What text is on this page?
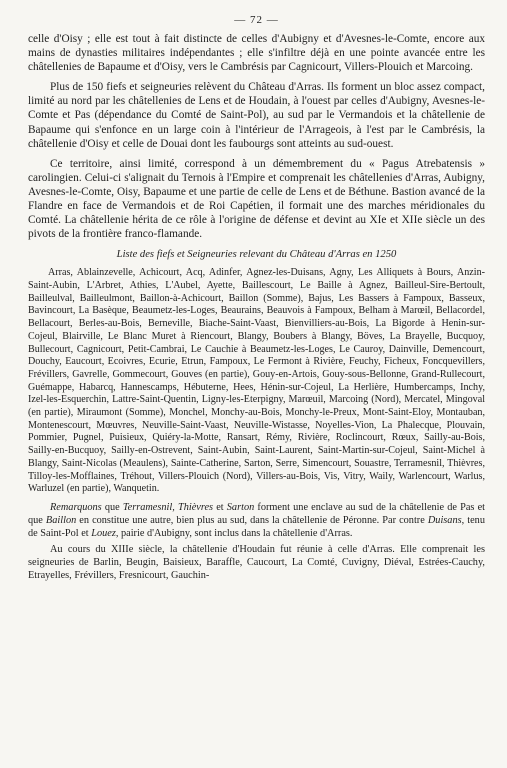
— 72 —

celle d'Oisy ; elle est tout à fait distincte de celles d'Aubigny et d'Avesnes-le-Comte, encore aux mains de dynasties militaires indépendantes ; elle s'infiltre déjà en une pointe avancée entre les châtellenies de Bapaume et d'Oisy, vers le Cambrésis par Cagnicourt, Villers-Plouich et Marcoing.

Plus de 150 fiefs et seigneuries relèvent du Château d'Arras. Ils forment un bloc assez compact, limité au nord par les châtellenies de Lens et de Houdain, à l'ouest par celles d'Aubigny, Avesnes-le-Comte et Pas (dépendance du Comté de Saint-Pol), au sud par le Vermandois et la châtellenie de Bapaume qui s'enfonce en un large coin à l'intérieur de l'Arrageois, à l'est par le Cambrésis, la châtellenie d'Oisy et celle de Douai dont les faubourgs sont atteints au sud-ouest.

Ce territoire, ainsi limité, correspond à un démembrement du « Pagus Atrebatensis » carolingien. Celui-ci s'alignait du Ternois à l'Empire et comprenait les châtellenies d'Arras, Aubigny, Avesnes-le-Comte, Oisy, Bapaume et une partie de celle de Lens et de Béthune. Bastion avancé de la Flandre en face de Vermandois et de Roi Capétien, il formait une des marches méridionales du Comté. La châtellenie hérita de ce rôle à l'origine de défense et devint au XIe et XIIe siècle un des pivots de la frontière franco-flamande.

Liste des fiefs et Seigneuries relevant du Château d'Arras en 1250

Arras, Ablainzevelle, Achicourt, Acq, Adinfer, Agnez-les-Duisans, Agny, Les Alliquets à Bours, Anzin-Saint-Aubin, L'Arbret, Athies, L'Aubel, Ayette, Baillescourt, Le Baille à Agnez, Bailleul-Sire-Bertoult, Bailleulval, Bailleulmont, Baillon-à-Achicourt, Baillon (Somme), Bajus, Les Bassers à Fampoux, Basseux, Bavincourt, La Basèque, Beaumetz-les-Loges, Beaurains, Beauvois à Fampoux, Belham à Marœil, Bellacordel, Bellacourt, Berles-au-Bois, Berneville, Biache-Saint-Vaast, Bienvilliers-au-Bois, La Bigorde à Henin-sur-Cojeul, Blairville, Le Blanc Muret à Riencourt, Blangy, Boubers à Blangy, Böves, La Brayelle, Bucquoy, Bullecourt, Cagnicourt, Petit-Cambrai, Le Cauchie à Beaumetz-les-Loges, Le Cauroy, Dainville, Demencourt, Douchy, Eaucourt, Ecoivres, Ecurie, Etrun, Fampoux, Le Fermont à Rivière, Feuchy, Ficheux, Foncquevillers, Frévillers, Gavrelle, Gommecourt, Gouves (en partie), Gouy-en-Artois, Gouy-sous-Bellonne, Grand-Rullecourt, Guémappe, Habarcq, Hannescamps, Hébuterne, Hees, Hénin-sur-Cojeul, La Herlière, Humbercamps, Inchy, Izel-les-Esquerchin, Lattre-Saint-Quentin, Ligny-les-Eterpigny, Marœuil, Marcoing (Nord), Mercatel, Mingoval (en partie), Miraumont (Somme), Monchel, Monchy-au-Bois, Monchy-le-Preux, Mont-Saint-Eloy, Montauban, Montenescourt, Mœuvres, Neuville-Saint-Vaast, Neuville-Wistasse, Noyelles-Vion, La Phalecque, Plouvain, Pommier, Pugnel, Puisieux, Quiéry-la-Motte, Ransart, Rémy, Rivière, Roclincourt, Rœux, Sailly-au-Bois, Sailly-en-Bucquoy, Sailly-en-Ostrevent, Saint-Aubin, Saint-Laurent, Saint-Martin-sur-Cojeul, Saint-Michel à Blangy, Saint-Nicolas (Meaulens), Sainte-Catherine, Sarton, Serre, Simencourt, Souastre, Terramesnil, Thièvres, Tilloy-les-Mofflaines, Tréhout, Villers-Plouich (Nord), Villers-au-Bois, Vis, Vitry, Waily, Warlencourt, Warlus, Warluzel (en partie), Wanquetin.

Remarquons que Terramesnil, Thièvres et Sarton forment une enclave au sud de la châtellenie de Pas et que Baillon en constitue une autre, bien plus au sud, dans la châtellenie de Péronne. Par contre Duisans, tenu de Saint-Pol et Louez, pairie d'Aubigny, sont inclus dans la châtellenie d'Arras.

Au cours du XIIIe siècle, la châtellenie d'Houdain fut réunie à celle d'Arras. Elle comprenait les seigneuries de Barlin, Beugin, Baisieux, Baraffle, Caucourt, La Comté, Cuvigny, Diéval, Estrées-Cauchy, Etrayelles, Frévillers, Fresnicourt, Gauchin-
